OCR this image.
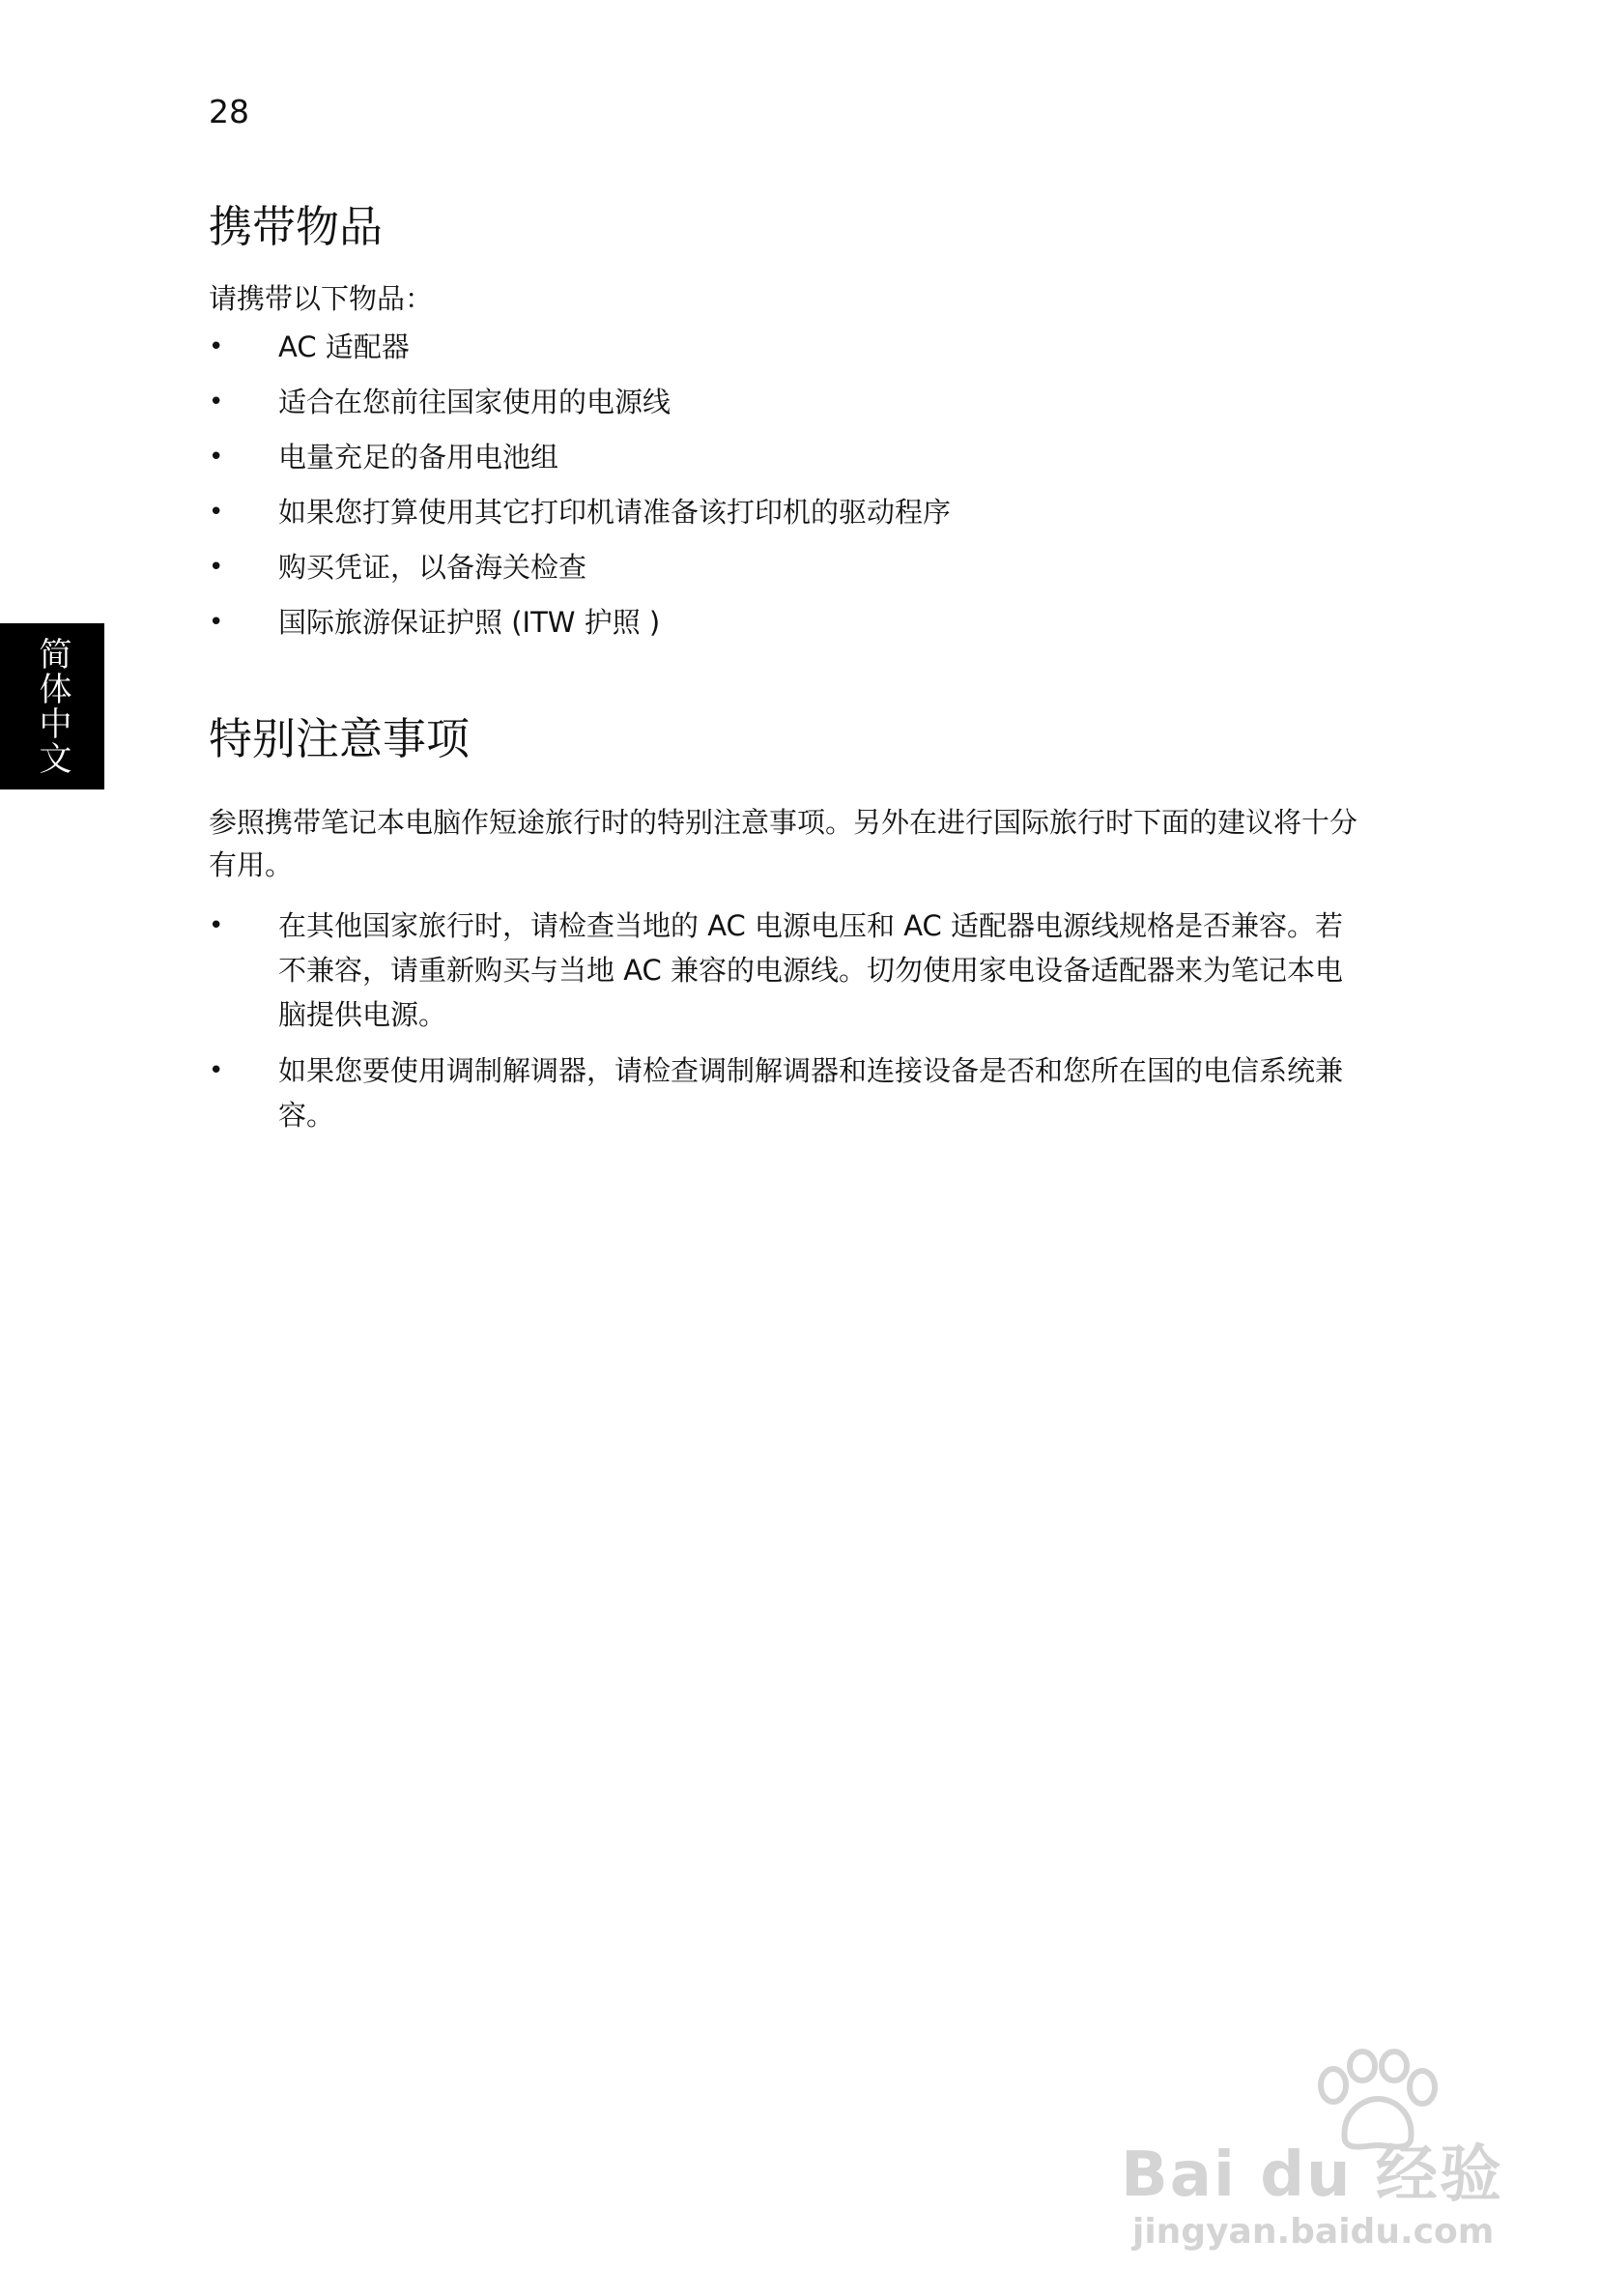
28
简体中文
携带物品

请携带以下物品：

• AC 适配器
• 适合在您前往国家使用的电源线
• 电量充足的备用电池组
• 如果您打算使用其它打印机请准备该打印机的驱动程序
• 购买凭证，以备海关检查
• 国际旅游保证护照 (ITW 护照 )
特别注意事项

参照携带笔记本电脑作短途旅行时的特别注意事项。另外在进行国际旅行时下面的建议将十分有用。

• 在其他国家旅行时，请检查当地的 AC 电源电压和 AC 适配器电源线规格是否兼容。若不兼容，请重新购买与当地 AC 兼容的电源线。切勿使用家电设备适配器来为笔记本电脑提供电源。
• 如果您要使用调制解调器，请检查调制解调器和连接设备是否和您所在国的电信系统兼容。
Bai du 经验
jingyan.baidu.com
